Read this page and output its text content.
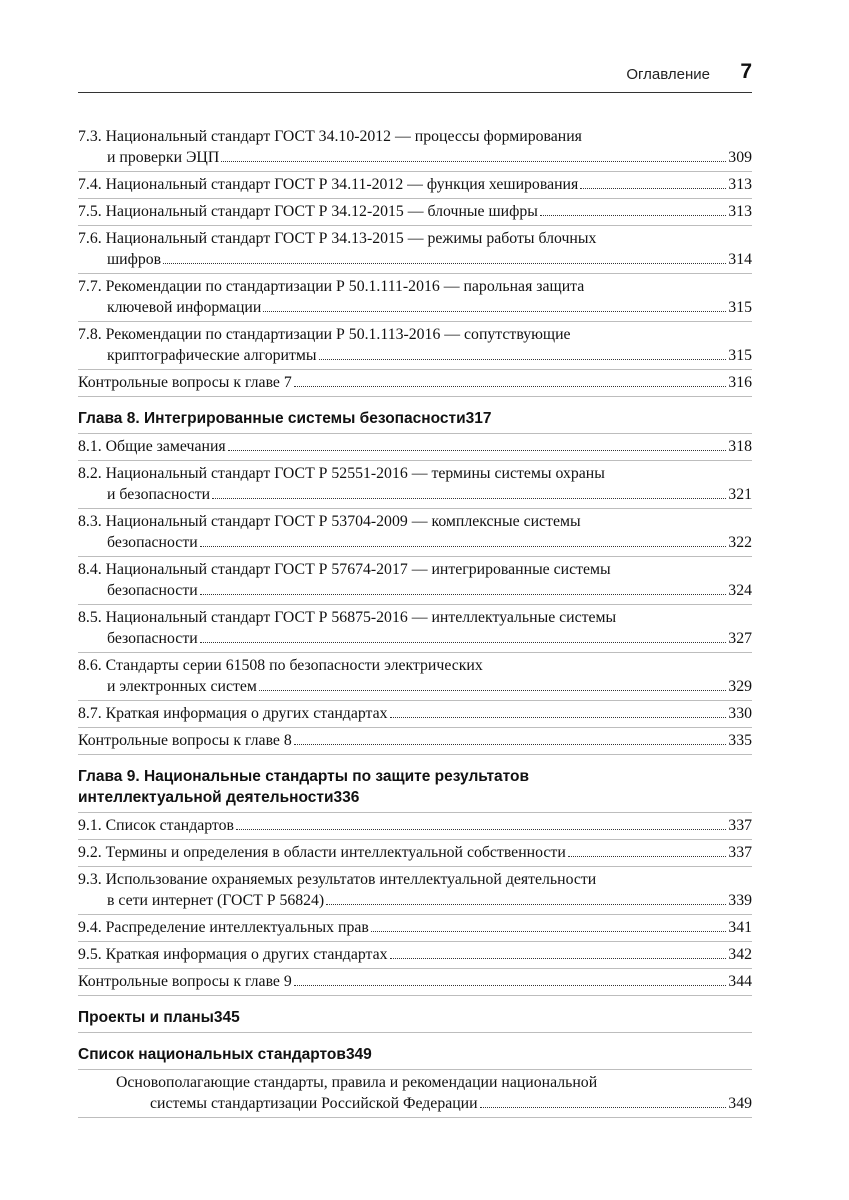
Оглавление 7
7.3. Национальный стандарт ГОСТ 34.10-2012 — процессы формирования
и проверки ЭЦП	309
7.4. Национальный стандарт ГОСТ Р 34.11-2012 — функция хеширования	313
7.5. Национальный стандарт ГОСТ Р 34.12-2015 — блочные шифры	313
7.6. Национальный стандарт ГОСТ Р 34.13-2015 — режимы работы блочных
шифров	314
7.7. Рекомендации по стандартизации Р 50.1.111-2016 — парольная защита
ключевой информации	315
7.8. Рекомендации по стандартизации Р 50.1.113-2016 — сопутствующие
криптографические алгоритмы	315
Контрольные вопросы к главе 7	316
Глава 8. Интегрированные системы безопасности317
8.1. Общие замечания	318
8.2. Национальный стандарт ГОСТ Р 52551-2016 — термины системы охраны
и безопасности	321
8.3. Национальный стандарт ГОСТ Р 53704-2009 — комплексные системы
безопасности	322
8.4. Национальный стандарт ГОСТ Р 57674-2017 — интегрированные системы
безопасности	324
8.5. Национальный стандарт ГОСТ Р 56875-2016 — интеллектуальные системы
безопасности	327
8.6. Стандарты серии 61508 по безопасности электрических
и электронных систем	329
8.7. Краткая информация о других стандартах	330
Контрольные вопросы к главе 8	335
Глава 9. Национальные стандарты по защите результатов
интеллектуальной деятельности336
9.1. Список стандартов	337
9.2. Термины и определения в области интеллектуальной собственности	337
9.3. Использование охраняемых результатов интеллектуальной деятельности
в сети интернет (ГОСТ Р 56824)	339
9.4. Распределение интеллектуальных прав	341
9.5. Краткая информация о других стандартах	342
Контрольные вопросы к главе 9	344
Проекты и планы345
Список национальных стандартов349
Основополагающие стандарты, правила и рекомендации национальной
системы стандартизации Российской Федерации	349
